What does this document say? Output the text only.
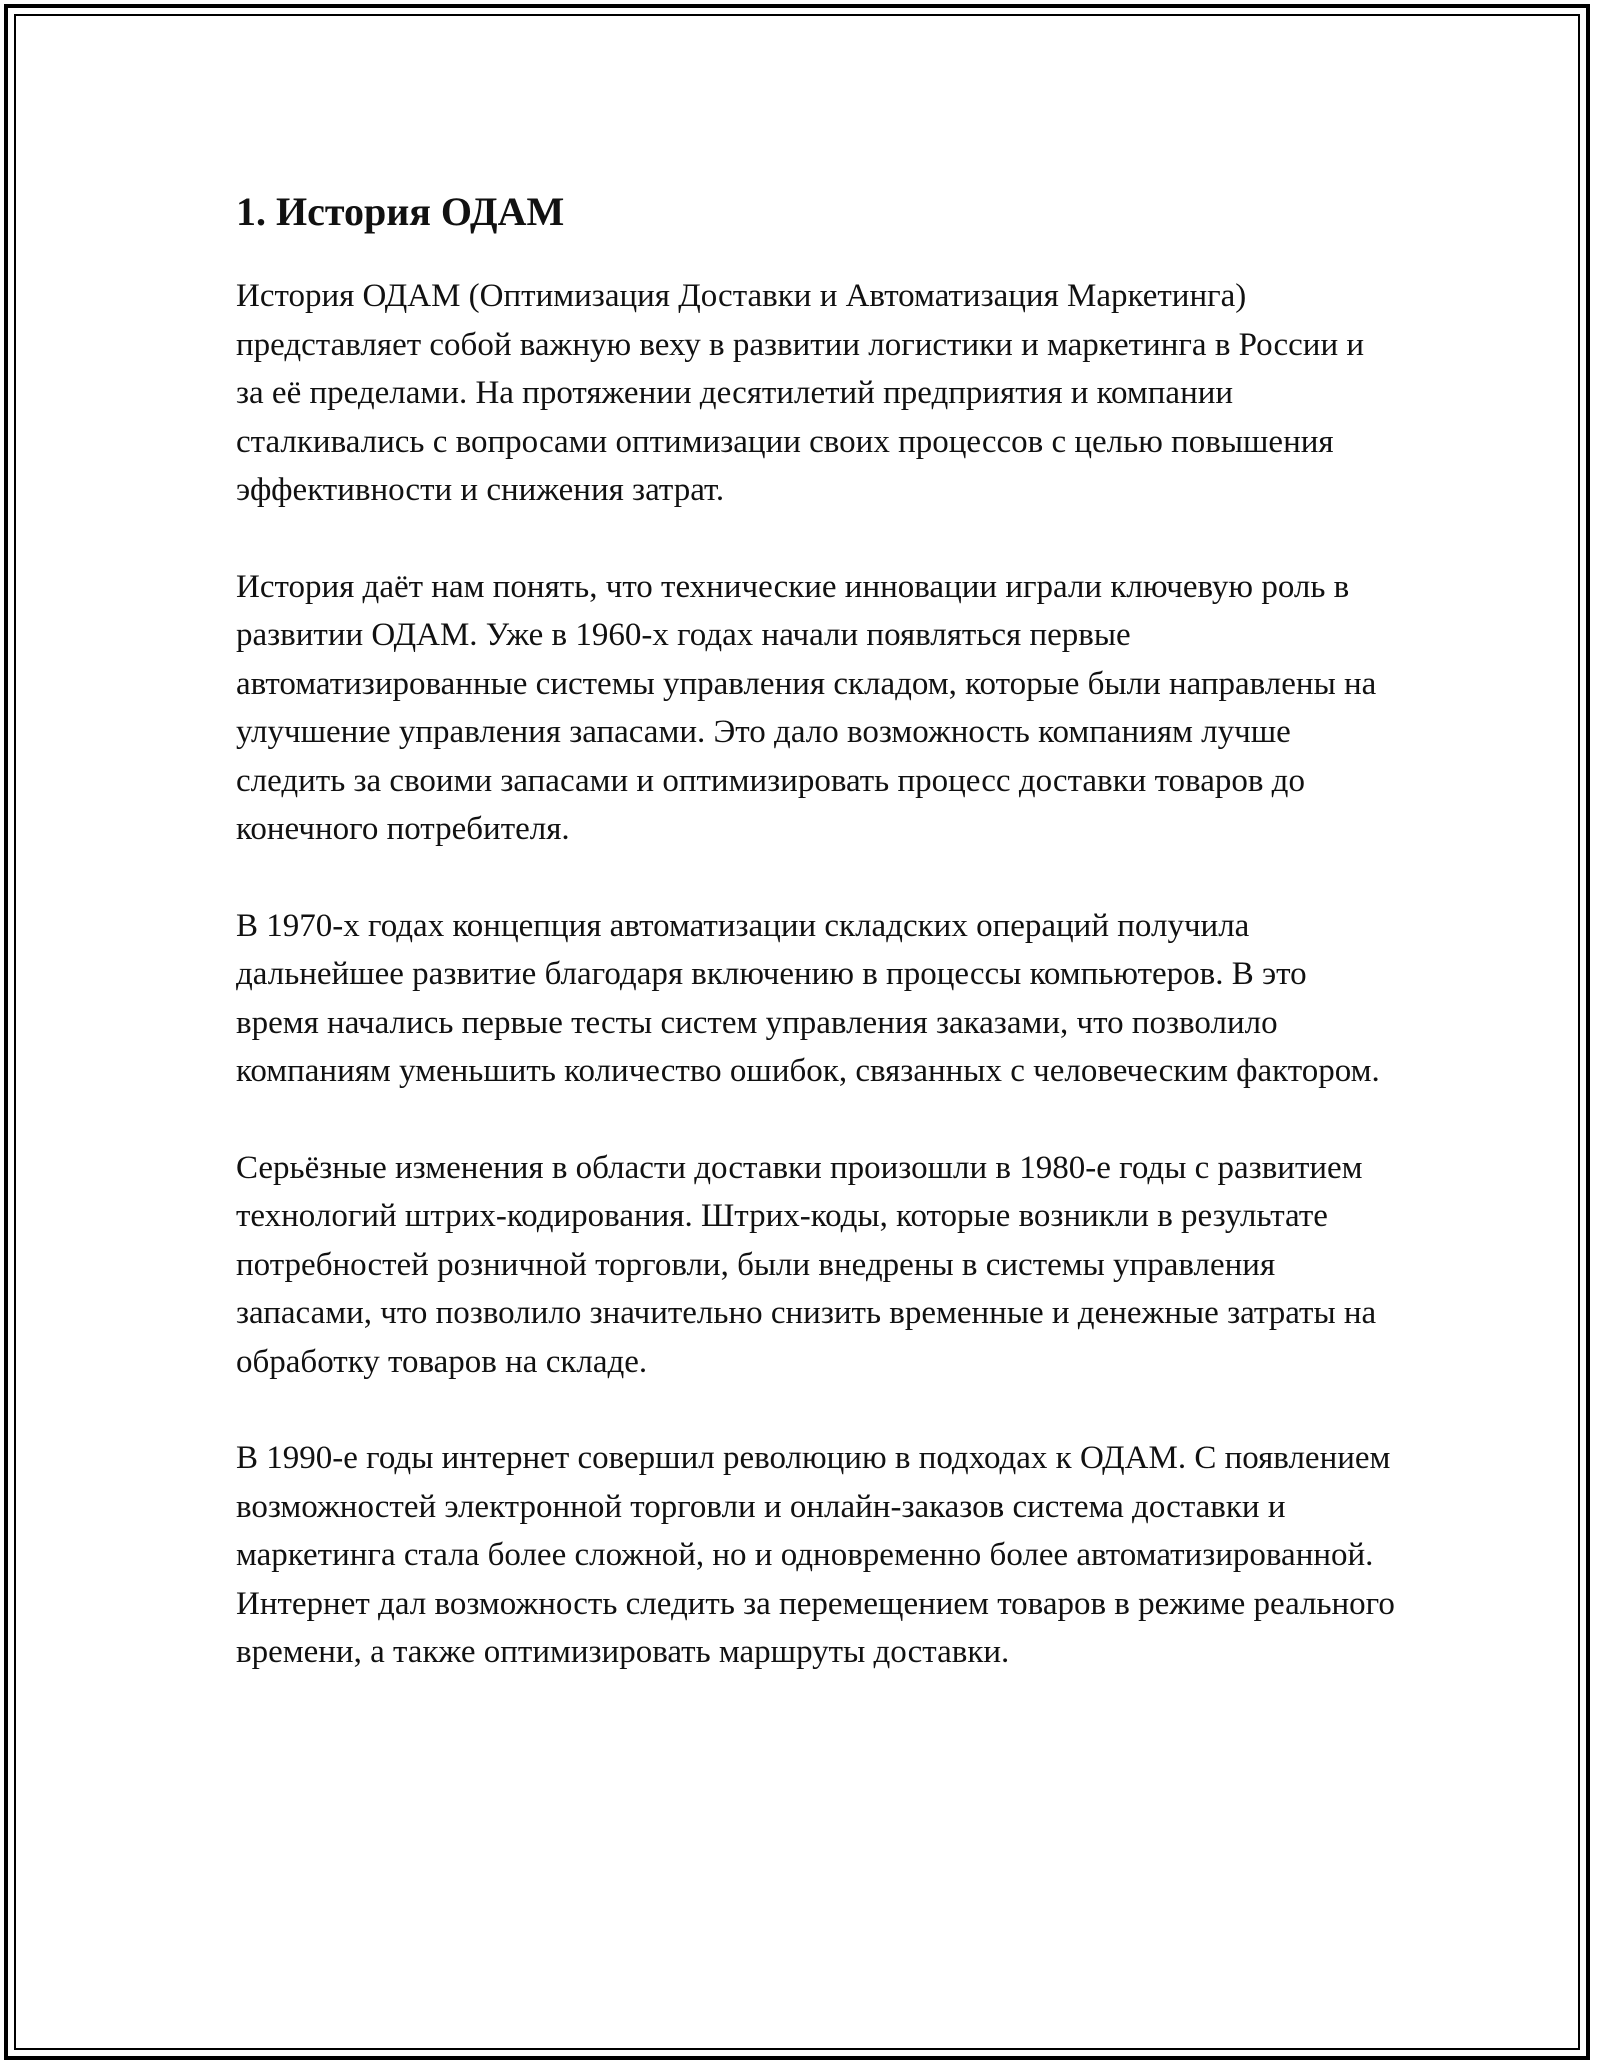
1. История ОДАМ

История ОДАМ (Оптимизация Доставки и Автоматизация Маркетинга) представляет собой важную веху в развитии логистики и маркетинга в России и за её пределами. На протяжении десятилетий предприятия и компании сталкивались с вопросами оптимизации своих процессов с целью повышения эффективности и снижения затрат.

История даёт нам понять, что технические инновации играли ключевую роль в развитии ОДАМ. Уже в 1960-х годах начали появляться первые автоматизированные системы управления складом, которые были направлены на улучшение управления запасами. Это дало возможность компаниям лучше следить за своими запасами и оптимизировать процесс доставки товаров до конечного потребителя.

В 1970-х годах концепция автоматизации складских операций получила дальнейшее развитие благодаря включению в процессы компьютеров. В это время начались первые тесты систем управления заказами, что позволило компаниям уменьшить количество ошибок, связанных с человеческим фактором.

Серьёзные изменения в области доставки произошли в 1980-е годы с развитием технологий штрих-кодирования. Штрих-коды, которые возникли в результате потребностей розничной торговли, были внедрены в системы управления запасами, что позволило значительно снизить временные и денежные затраты на обработку товаров на складе.

В 1990-е годы интернет совершил революцию в подходах к ОДАМ. С появлением возможностей электронной торговли и онлайн-заказов система доставки и маркетинга стала более сложной, но и одновременно более автоматизированной. Интернет дал возможность следить за перемещением товаров в режиме реального времени, а также оптимизировать маршруты доставки.
